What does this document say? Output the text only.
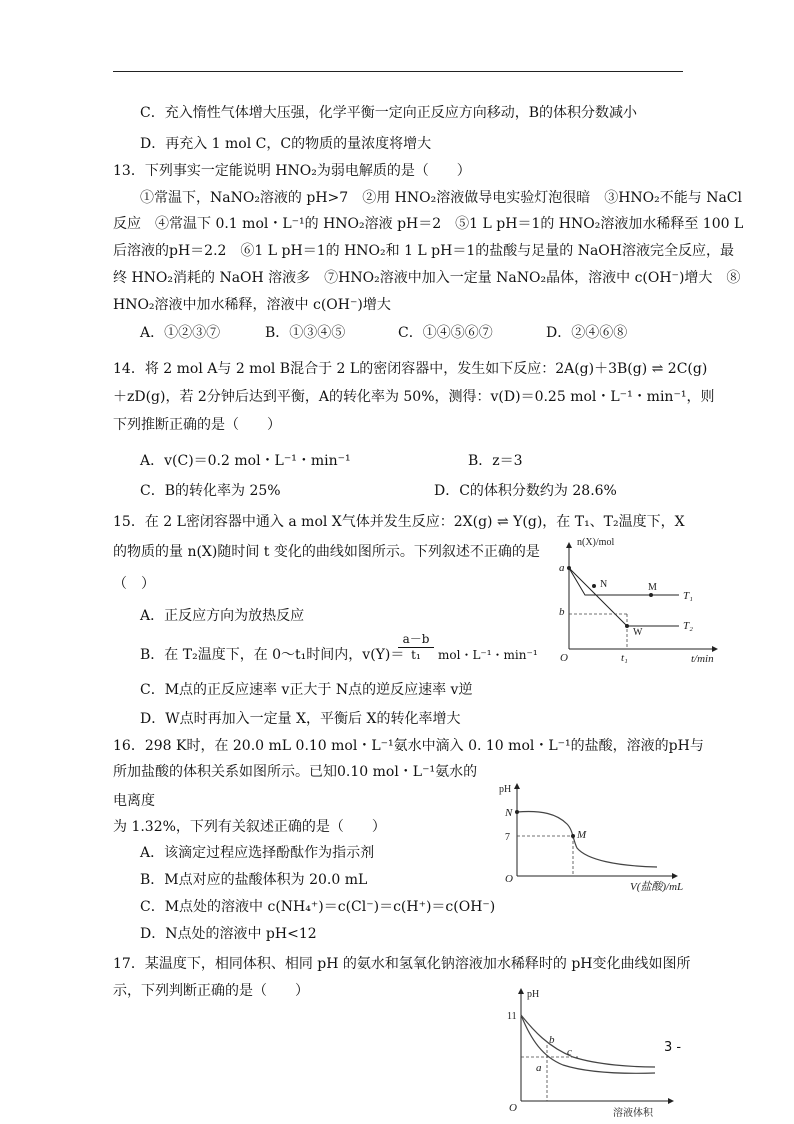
C．充入惰性气体增大压强，化学平衡一定向正反应方向移动，B的体积分数减小
D．再充入 1 mol C，C的物质的量浓度将增大
13．下列事实一定能说明 HNO₂为弱电解质的是（　　）
①常温下，NaNO₂溶液的 pH>7　②用 HNO₂溶液做导电实验灯泡很暗　③HNO₂不能与 NaCl
反应　④常温下 0.1 mol・L⁻¹的 HNO₂溶液 pH＝2　⑤1 L pH＝1的 HNO₂溶液加水稀释至 100 L
后溶液的pH＝2.2　⑥1 L pH＝1的 HNO₂和 1 L pH＝1的盐酸与足量的 NaOH溶液完全反应，最
终 HNO₂消耗的 NaOH 溶液多　⑦HNO₂溶液中加入一定量 NaNO₂晶体，溶液中 c(OH⁻)增大　⑧
HNO₂溶液中加水稀释，溶液中 c(OH⁻)增大
A．①②③⑦	B．①③④⑤	C．①④⑤⑥⑦	D．②④⑥⑧
14．将 2 mol A与 2 mol B混合于 2 L的密闭容器中，发生如下反应：2A(g)＋3B(g) ⇌ 2C(g)
＋zD(g)，若 2分钟后达到平衡，A的转化率为 50%，测得：v(D)＝0.25 mol・L⁻¹・min⁻¹，则
下列推断正确的是（　　）
A．v(C)＝0.2 mol・L⁻¹・min⁻¹	B．z＝3
C．B的转化率为 25%	D．C的体积分数约为 28.6%
15．在 2 L密闭容器中通入 a mol X气体并发生反应：2X(g) ⇌ Y(g)，在 T₁、T₂温度下，X
的物质的量 n(X)随时间 t 变化的曲线如图所示。下列叙述不正确的是
（　）
A．正反应方向为放热反应
B．在 T₂温度下，在 0～t₁时间内，v(Y)＝
$\frac{a-b}{\text{t₁}}$ mol・L⁻¹・min⁻¹
C．M点的正反应速率 v正大于 N点的逆反应速率 v逆
D．W点时再加入一定量 X，平衡后 X的转化率增大
16．298 K时，在 20.0 mL 0.10 mol・L⁻¹氨水中滴入 0. 10 mol・L⁻¹的盐酸，溶液的pH与
所加盐酸的体积关系如图所示。已知0.10 mol・L⁻¹氨水的
电离度
为 1.32%，下列有关叙述正确的是（　　）
A．该滴定过程应选择酚酞作为指示剂
B．M点对应的盐酸体积为 20.0 mL
C．M点处的溶液中 c(NH₄⁺)＝c(Cl⁻)＝c(H⁺)＝c(OH⁻)
D．N点处的溶液中 pH<12
17．某温度下，相同体积、相同 pH 的氨水和氢氧化钠溶液加水稀释时的 pH变化曲线如图所
示，下列判断正确的是（　　）
3 -
n(X)/mol
t/min
O
a
b
t₁
N	M
W
T₁
T₂
pH
V(盐酸)/mL
O
N
7	M
pH
溶液体积
O
11
a
b
c
